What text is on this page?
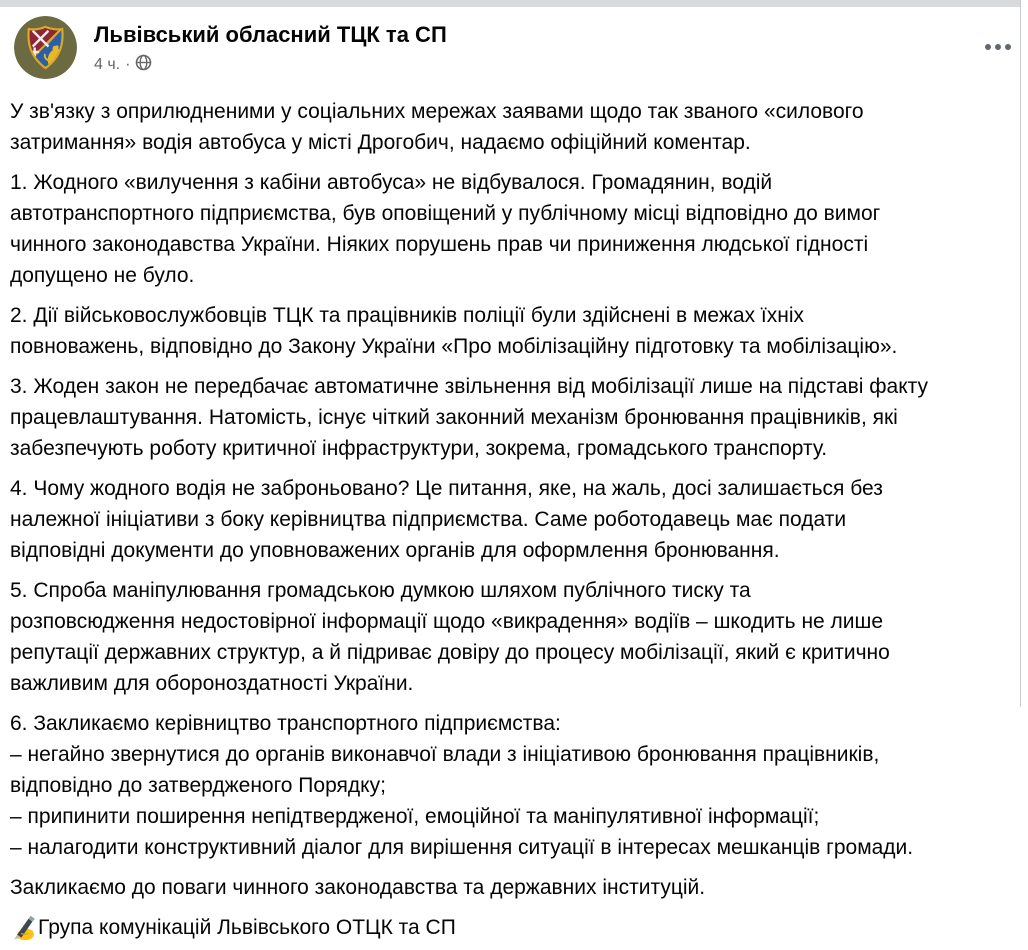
Львівський обласний ТЦК та СП
4 ч. ·
У зв'язку з оприлюдненими у соціальних мережах заявами щодо так званого «силового
затримання» водія автобуса у місті Дрогобич, надаємо офіційний коментар.
1. Жодного «вилучення з кабіни автобуса» не відбувалося. Громадянин, водій
автотранспортного підприємства, був оповіщений у публічному місці відповідно до вимог
чинного законодавства України. Ніяких порушень прав чи приниження людської гідності
допущено не було.
2. Дії військовослужбовців ТЦК та працівників поліції були здійснені в межах їхніх
повноважень, відповідно до Закону України «Про мобілізаційну підготовку та мобілізацію».
3. Жоден закон не передбачає автоматичне звільнення від мобілізації лише на підставі факту
працевлаштування. Натомість, існує чіткий законний механізм бронювання працівників, які
забезпечують роботу критичної інфраструктури, зокрема, громадського транспорту.
4. Чому жодного водія не заброньовано? Це питання, яке, на жаль, досі залишається без
належної ініціативи з боку керівництва підприємства. Саме роботодавець має подати
відповідні документи до уповноважених органів для оформлення бронювання.
5. Спроба маніпулювання громадською думкою шляхом публічного тиску та
розповсюдження недостовірної інформації щодо «викрадення» водіїв – шкодить не лише
репутації державних структур, а й підриває довіру до процесу мобілізації, який є критично
важливим для обороноздатності України.
6. Закликаємо керівництво транспортного підприємства:
– негайно звернутися до органів виконавчої влади з ініціативою бронювання працівників,
відповідно до затвердженого Порядку;
– припинити поширення непідтвердженої, емоційної та маніпулятивної інформації;
– налагодити конструктивний діалог для вирішення ситуації в інтересах мешканців громади.
Закликаємо до поваги чинного законодавства та державних інституцій.
Група комунікацій Львівського ОТЦК та СП
